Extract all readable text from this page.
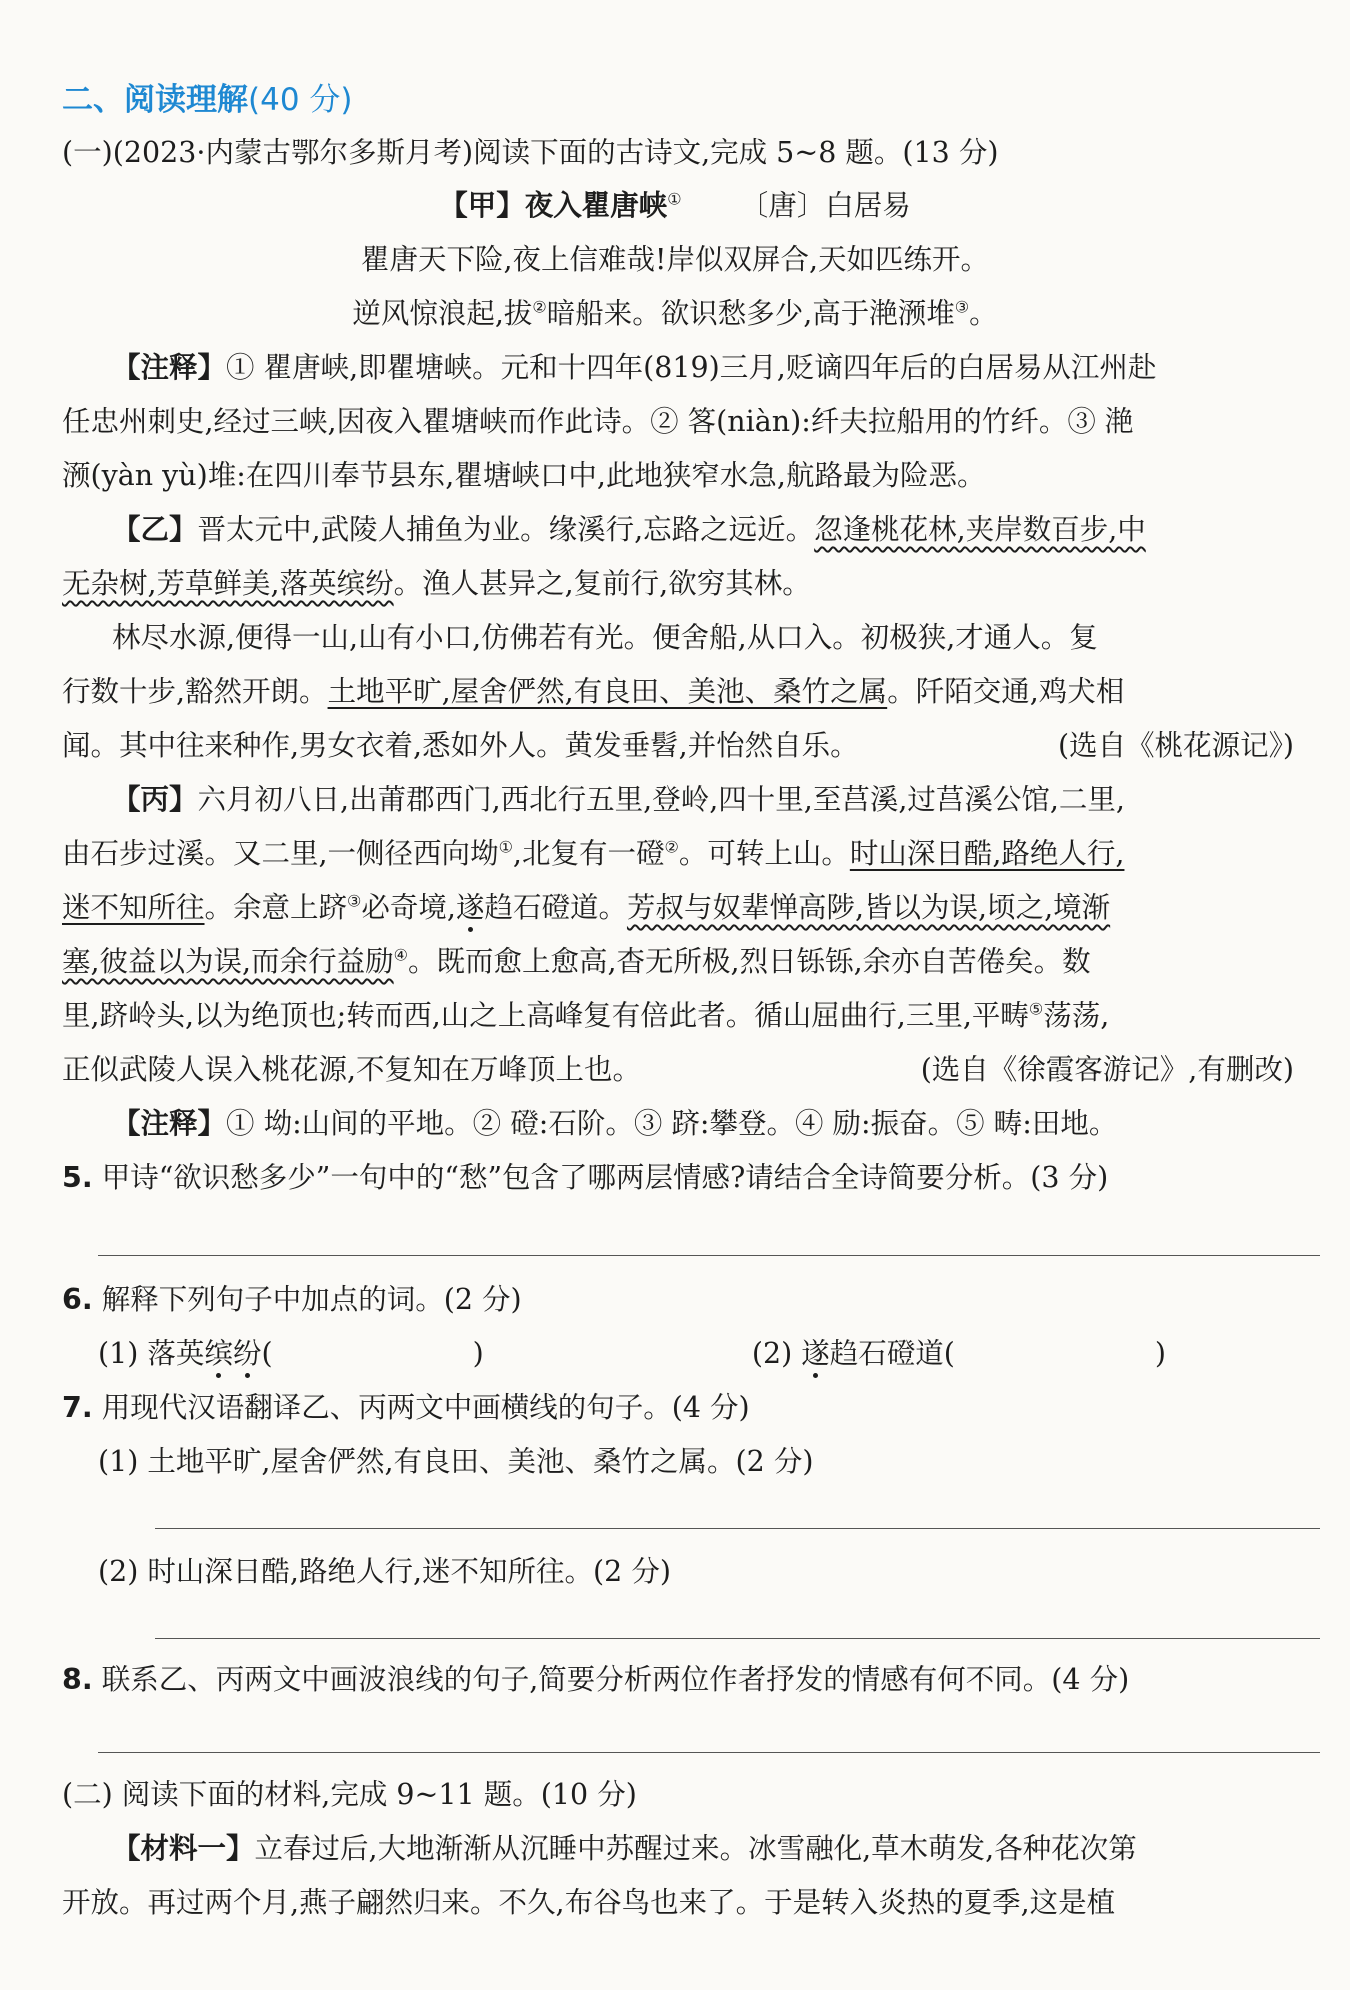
二、阅读理解(40 分)
(一)(2023·内蒙古鄂尔多斯月考)阅读下面的古诗文,完成 5~8 题。(13 分)
【甲】夜入瞿唐峡① 〔唐〕白居易
瞿唐天下险,夜上信难哉!岸似双屏合,天如匹练开。
逆风惊浪起,拔②暗船来。欲识愁多少,高于滟滪堆③。
【注释】① 瞿唐峡,即瞿塘峡。元和十四年(819)三月,贬谪四年后的白居易从江州赴
任忠州刺史,经过三峡,因夜入瞿塘峡而作此诗。② 笿(niàn):纤夫拉船用的竹纤。③ 滟
滪(yàn yù)堆:在四川奉节县东,瞿塘峡口中,此地狭窄水急,航路最为险恶。
【乙】晋太元中,武陵人捕鱼为业。缘溪行,忘路之远近。忽逢桃花林,夹岸数百步,中
无杂树,芳草鲜美,落英缤纷。渔人甚异之,复前行,欲穷其林。
林尽水源,便得一山,山有小口,仿佛若有光。便舍船,从口入。初极狭,才通人。复
行数十步,豁然开朗。土地平旷,屋舍俨然,有良田、美池、桑竹之属。阡陌交通,鸡犬相
闻。其中往来种作,男女衣着,悉如外人。黄发垂髫,并怡然自乐。	(选自《桃花源记》)
【丙】六月初八日,出莆郡西门,西北行五里,登岭,四十里,至莒溪,过莒溪公馆,二里,
由石步过溪。又二里,一侧径西向坳①,北复有一磴②。可转上山。时山深日酷,路绝人行,
迷不知所往。余意上跻③必奇境,遂趋石磴道。芳叔与奴辈惮高陟,皆以为误,顷之,境渐
塞,彼益以为误,而余行益励④。既而愈上愈高,杳无所极,烈日铄铄,余亦自苦倦矣。数
里,跻岭头,以为绝顶也;转而西,山之上高峰复有倍此者。循山屈曲行,三里,平畴⑤荡荡,
正似武陵人误入桃花源,不复知在万峰顶上也。	(选自《徐霞客游记》,有删改)
【注释】① 坳:山间的平地。② 磴:石阶。③ 跻:攀登。④ 励:振奋。⑤ 畴:田地。
5. 甲诗“欲识愁多少”一句中的“愁”包含了哪两层情感?请结合全诗简要分析。(3 分)
6. 解释下列句子中加点的词。(2 分)
(1) 落英缤纷(	)	(2) 遂趋石磴道(	)
7. 用现代汉语翻译乙、丙两文中画横线的句子。(4 分)
(1) 土地平旷,屋舍俨然,有良田、美池、桑竹之属。(2 分)
(2) 时山深日酷,路绝人行,迷不知所往。(2 分)
8. 联系乙、丙两文中画波浪线的句子,简要分析两位作者抒发的情感有何不同。(4 分)
(二) 阅读下面的材料,完成 9~11 题。(10 分)
【材料一】立春过后,大地渐渐从沉睡中苏醒过来。冰雪融化,草木萌发,各种花次第
开放。再过两个月,燕子翩然归来。不久,布谷鸟也来了。于是转入炎热的夏季,这是植
